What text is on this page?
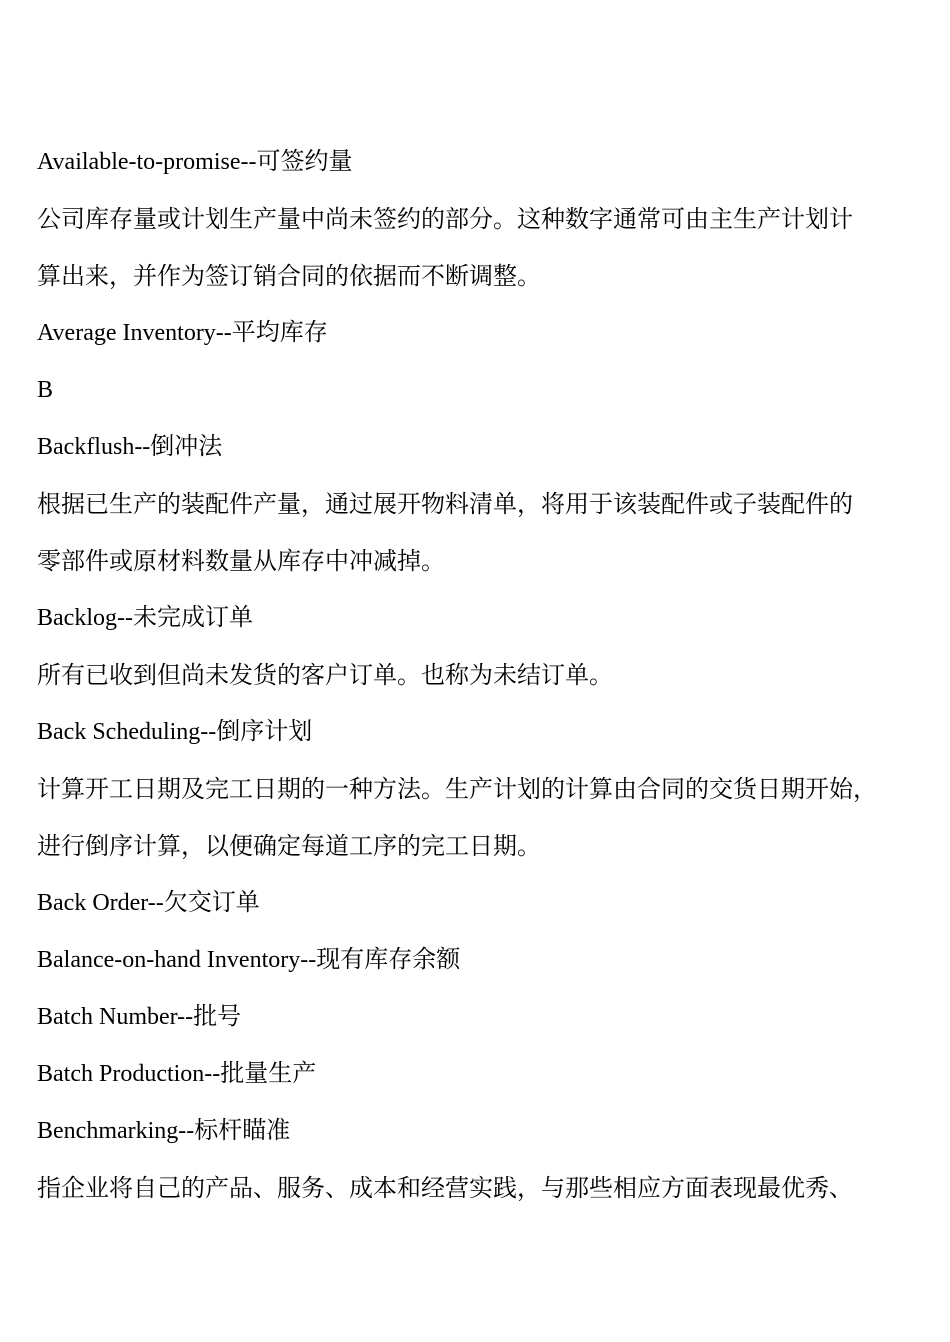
Available-to-promise--可签约量

公司库存量或计划生产量中尚未签约的部分。这种数字通常可由主生产计划计

算出来，并作为签订销合同的依据而不断调整。

Average Inventory--平均库存

B

Backflush--倒冲法

根据已生产的装配件产量，通过展开物料清单，将用于该装配件或子装配件的

零部件或原材料数量从库存中冲减掉。

Backlog--未完成订单

所有已收到但尚未发货的客户订单。也称为未结订单。

Back Scheduling--倒序计划

计算开工日期及完工日期的一种方法。生产计划的计算由合同的交货日期开始，

进行倒序计算，以便确定每道工序的完工日期。

Back Order--欠交订单

Balance-on-hand Inventory--现有库存余额

Batch Number--批号

Batch Production--批量生产

Benchmarking--标杆瞄准

指企业将自己的产品、服务、成本和经营实践，与那些相应方面表现最优秀、
